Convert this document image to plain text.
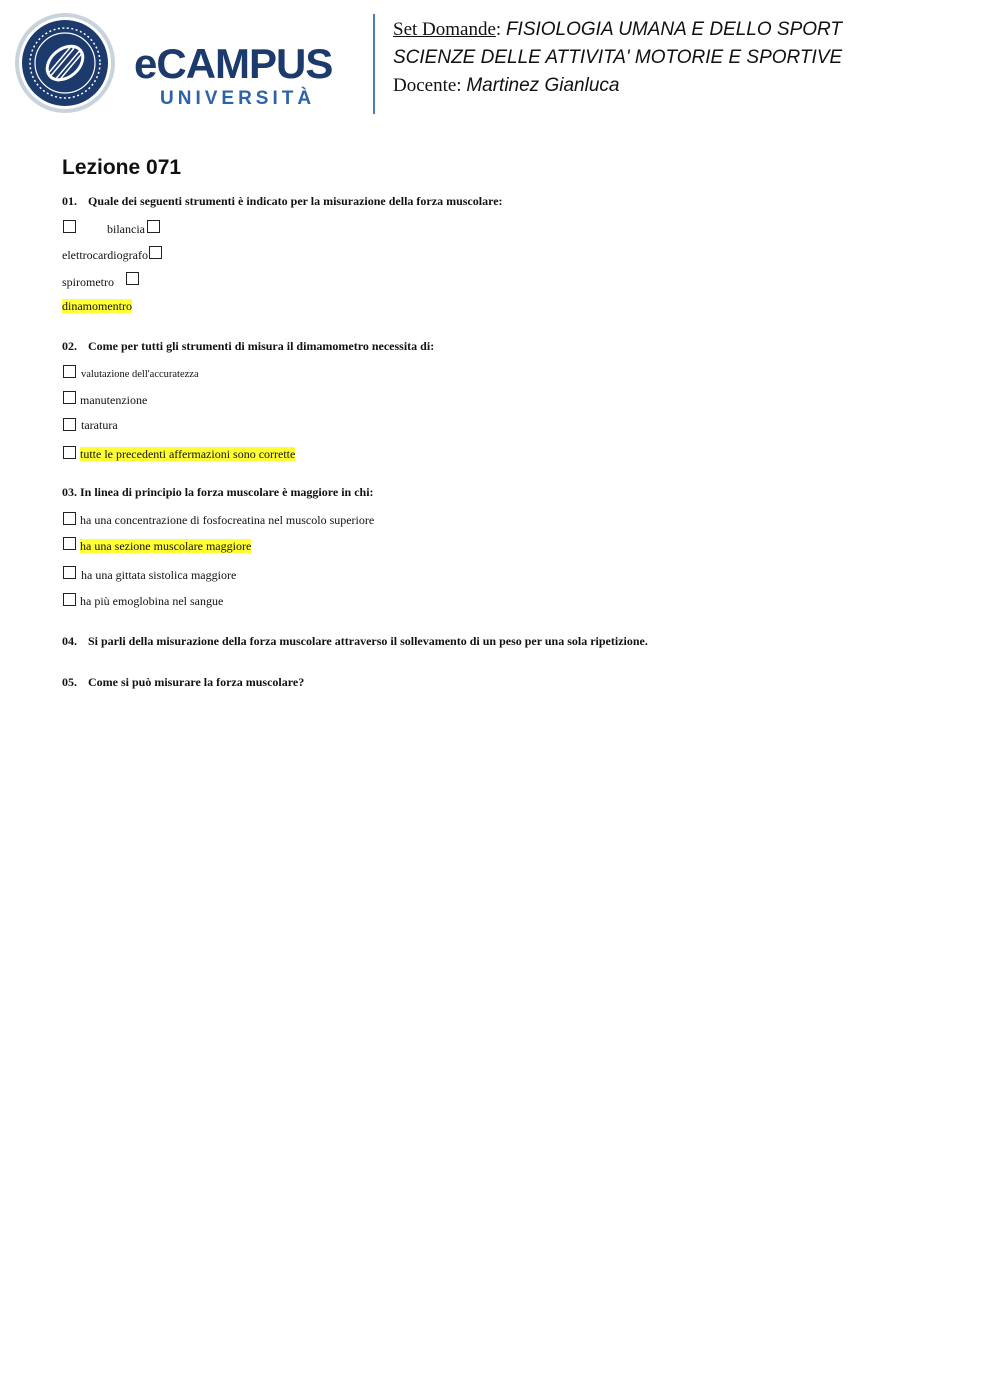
eCAMPUS
UNIVERSITÀ
Set Domande: FISIOLOGIA UMANA E DELLO SPORT
SCIENZE DELLE ATTIVITA' MOTORIE E SPORTIVE
Docente: Martinez Gianluca
Lezione 071
01. Quale dei seguenti strumenti è indicato per la misurazione della forza muscolare:
bilancia
elettrocardiografo
spirometro
dinamomentro
02. Come per tutti gli strumenti di misura il dimamometro necessita di:
valutazione dell'accuratezza
manutenzione
taratura
tutte le precedenti affermazioni sono corrette
03. In linea di principio la forza muscolare è maggiore in chi:
ha una concentrazione di fosfocreatina nel muscolo superiore
ha una sezione muscolare maggiore
ha una gittata sistolica maggiore
ha più emoglobina nel sangue
04. Si parli della misurazione della forza muscolare attraverso il sollevamento di un peso per una sola ripetizione.
05. Come si può misurare la forza muscolare?
